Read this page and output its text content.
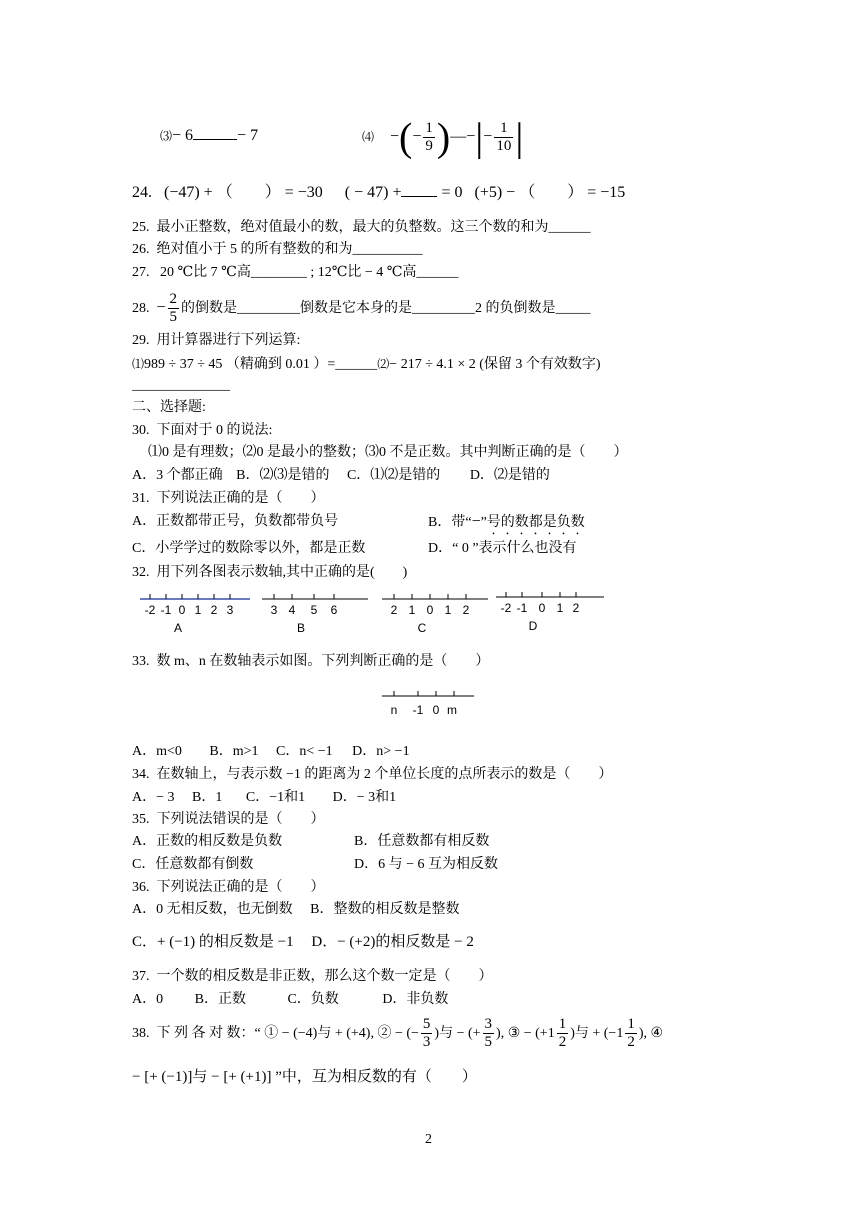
⑶− 6	− 7	⑷ −(− $\frac{1}{9}$ )—−|− $\frac{1}{10}$ |
24. (−47) + （　　） = −30 ( − 47) +	= 0 (+5) − （　　） = −15
25. 最小正整数，绝对值最小的数，最大的负整数。这三个数的和为______
26. 绝对值小于 5 的所有整数的和为__________
27. 20 ℃比 7 ℃高________ ; 12℃比 − 4 ℃高______
28. − $\frac{2}{5}$ 的倒数是_________倒数是它本身的是_________2 的负倒数是_____
29. 用计算器进行下列运算:
⑴989 ÷ 37 ÷ 45 （精确到 0.01 ）=______⑵− 217 ÷ 4.1 × 2 (保留 3 个有效数字)
______________
二、选择题:
30. 下面对于 0 的说法:
⑴0 是有理数；⑵0 是最小的整数；⑶0 不是正数。其中判断正确的是（　　）
A．3 个都正确 B．⑵⑶是错的 C．⑴⑵是错的 D．⑵是错的
31. 下列说法正确的是（　　）
A．正数都带正号，负数都带负号	B．带“−”号的数都是负数
C．小学学过的数除零以外，都是正数	D．“ 0 ”表示什么也没有
32. 用下列各图表示数轴,其中正确的是(　　)
-2 -1 0 1 2 3
A
3 4 5 6
B
2 1 0 1 2
C
-2 -1 0 1 2
D
33. 数 m、n 在数轴表示如图。下列判断正确的是（　　）
n -1 0 m
A．m<0 B．m>1 C．n< −1 D．n> −1
34. 在数轴上，与表示数 −1 的距离为 2 个单位长度的点所表示的数是（　　）
A．− 3 B．1 C．−1和1 D．− 3和1
35. 下列说法错误的是（　　）
A．正数的相反数是负数	B．任意数都有相反数
C．任意数都有倒数	D．6 与 − 6 互为相反数
36. 下列说法正确的是（　　）
A．0 无相反数，也无倒数 B．整数的相反数是整数
C．+ (−1) 的相反数是 −1 D．− (+2)的相反数是 − 2
37. 一个数的相反数是非正数，那么这个数一定是（　　）
A．0 B．正数	C．负数	D．非负数
38. 下 列 各 对 数：“ ① − (−4)与 + (+4), ② − (− $\frac{5}{3}$ )与 − (+ $\frac{3}{5}$ ), ③ − ($+1 \frac{1}{2}$ )与 + ($-1 \frac{1}{2}$ ), ④
− [+ (−1)]与 − [+ (+1)] ”中，互为相反数的有（　　）
2
